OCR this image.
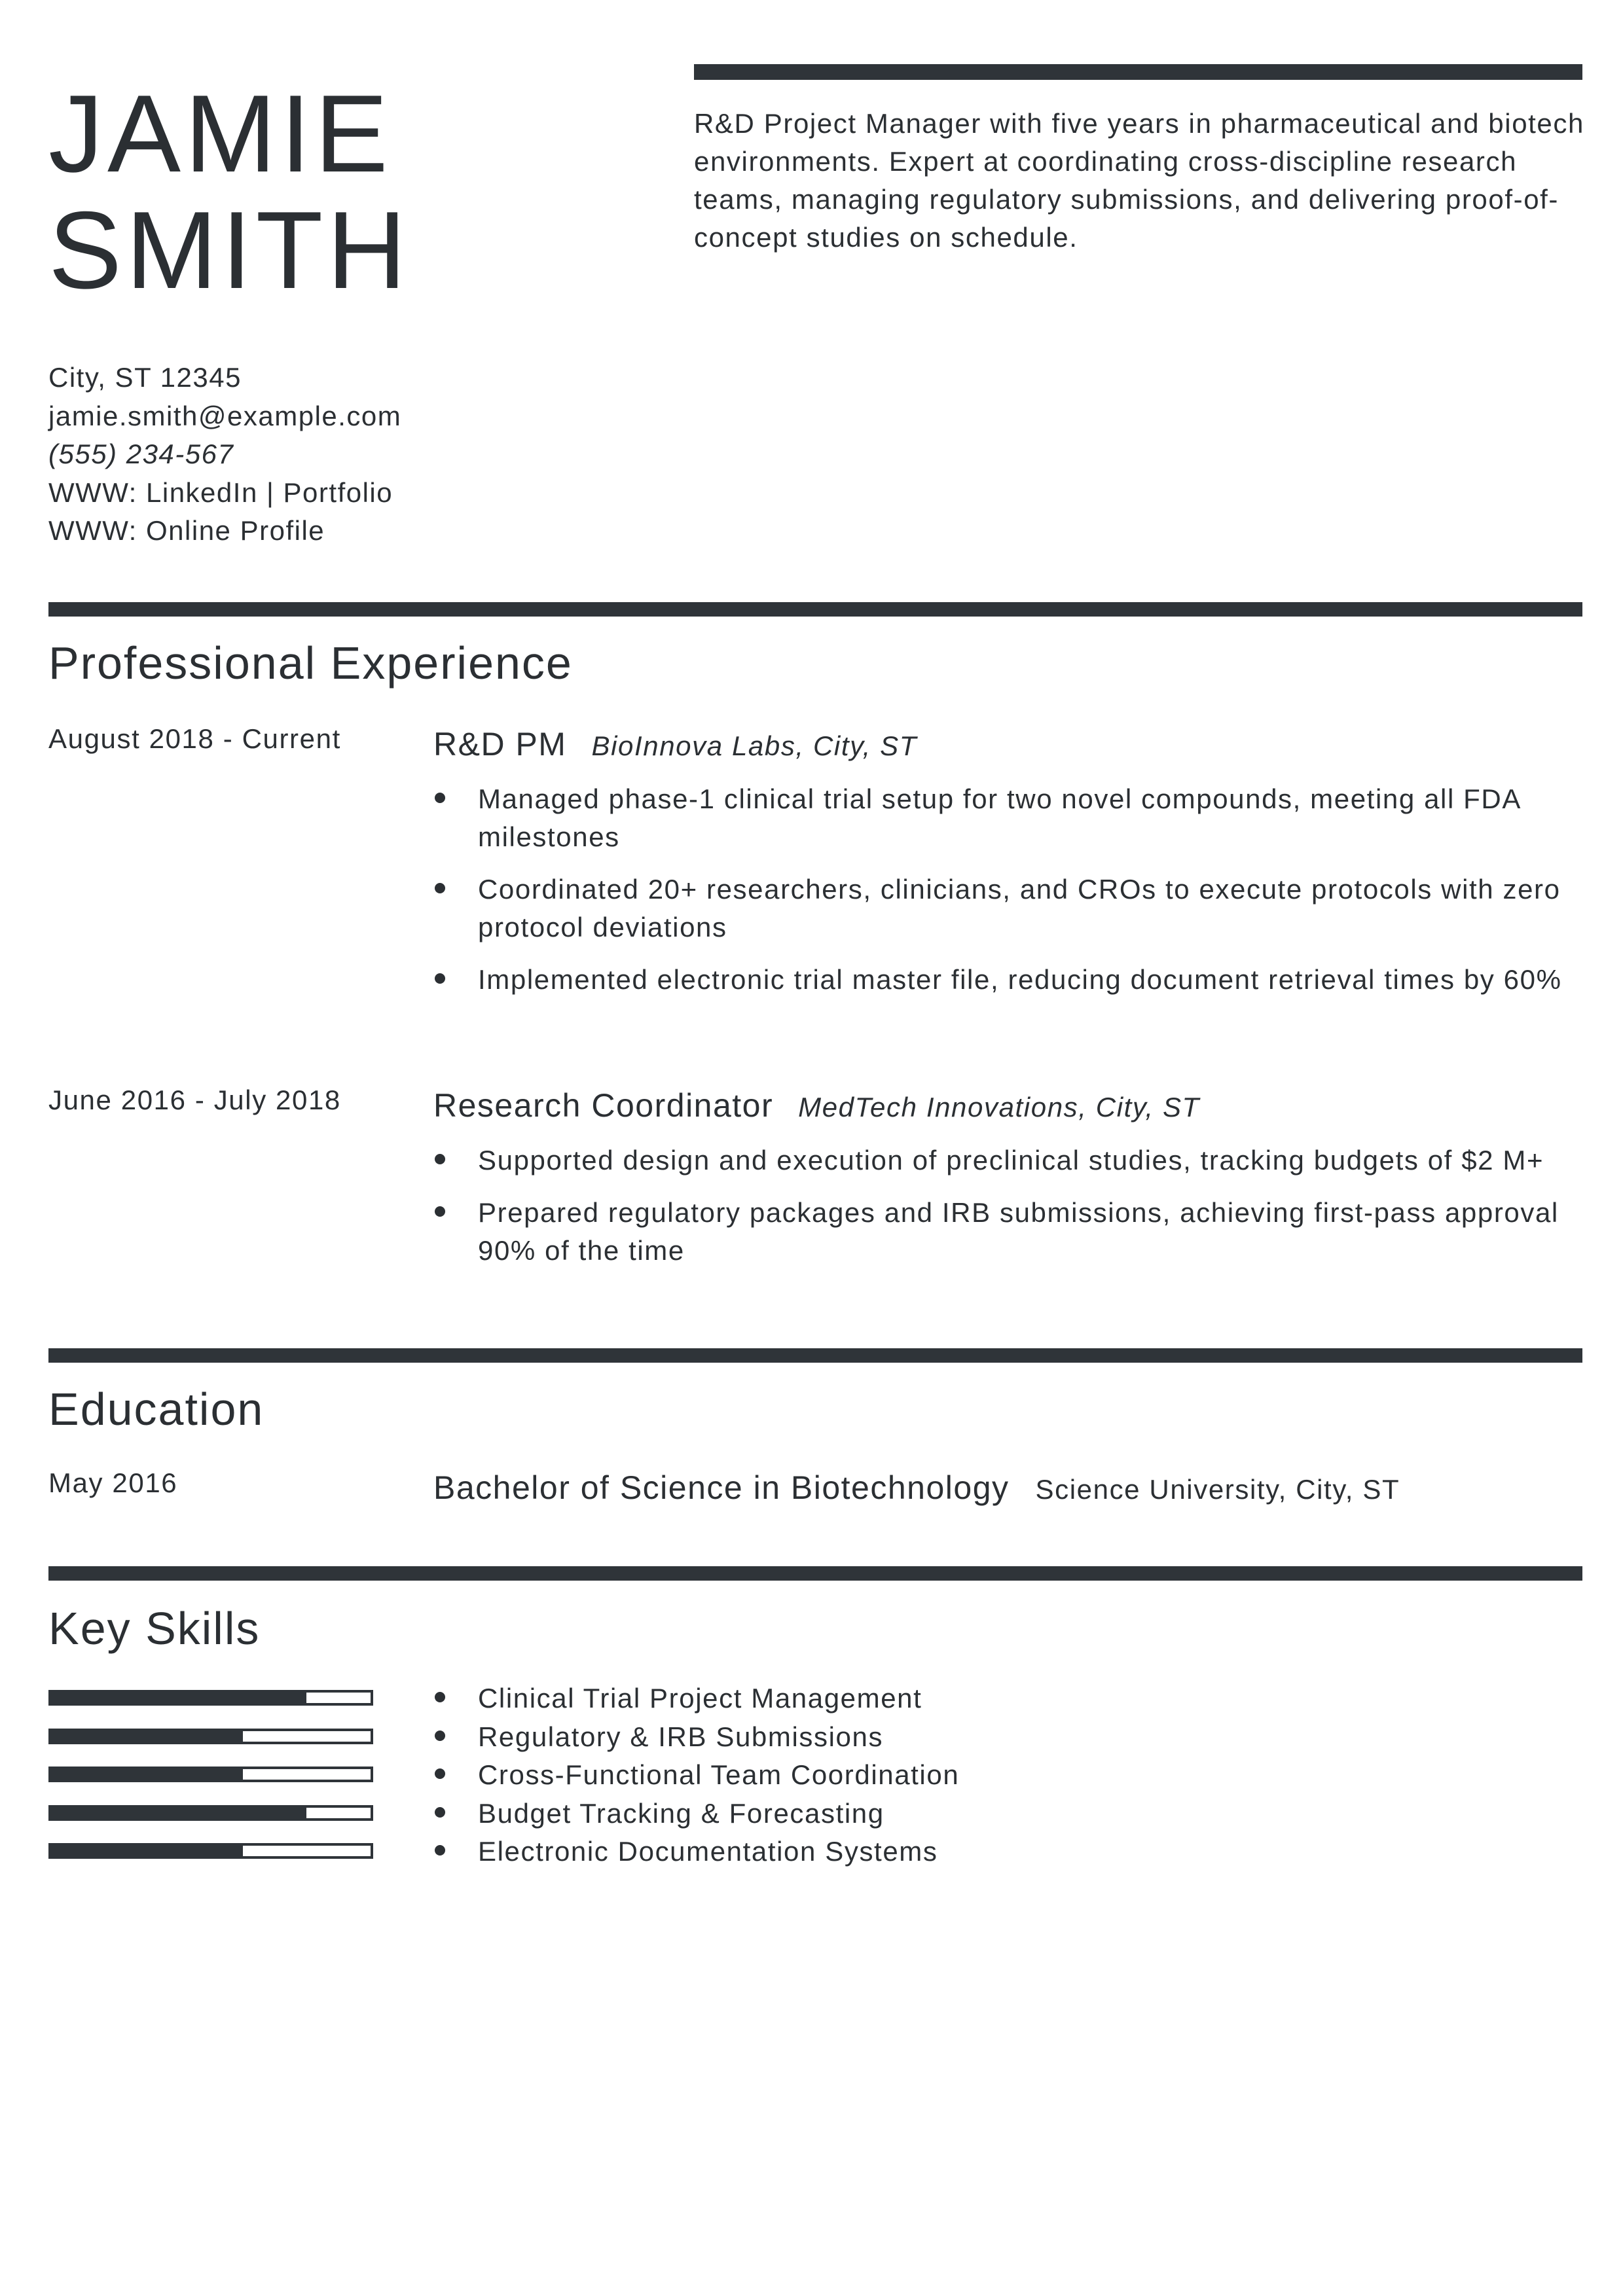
JAMIE
SMITH
R&D Project Manager with five years in pharmaceutical and biotech environments. Expert at coordinating cross-discipline research teams, managing regulatory submissions, and delivering proof-of-concept studies on schedule.
City, ST 12345
jamie.smith@example.com
(555) 234-567
WWW: LinkedIn | Portfolio
WWW: Online Profile
Professional Experience
August 2018 - Current	R&D PM BioInnova Labs, City, ST
Managed phase-1 clinical trial setup for two novel compounds, meeting all FDA milestones
Coordinated 20+ researchers, clinicians, and CROs to execute protocols with zero protocol deviations
Implemented electronic trial master file, reducing document retrieval times by 60%
June 2016 - July 2018	Research Coordinator MedTech Innovations, City, ST
Supported design and execution of preclinical studies, tracking budgets of $2 M+
Prepared regulatory packages and IRB submissions, achieving first-pass approval 90% of the time
Education
May 2016	Bachelor of Science in Biotechnology Science University, City, ST
Key Skills
Clinical Trial Project Management
Regulatory & IRB Submissions
Cross-Functional Team Coordination
Budget Tracking & Forecasting
Electronic Documentation Systems
